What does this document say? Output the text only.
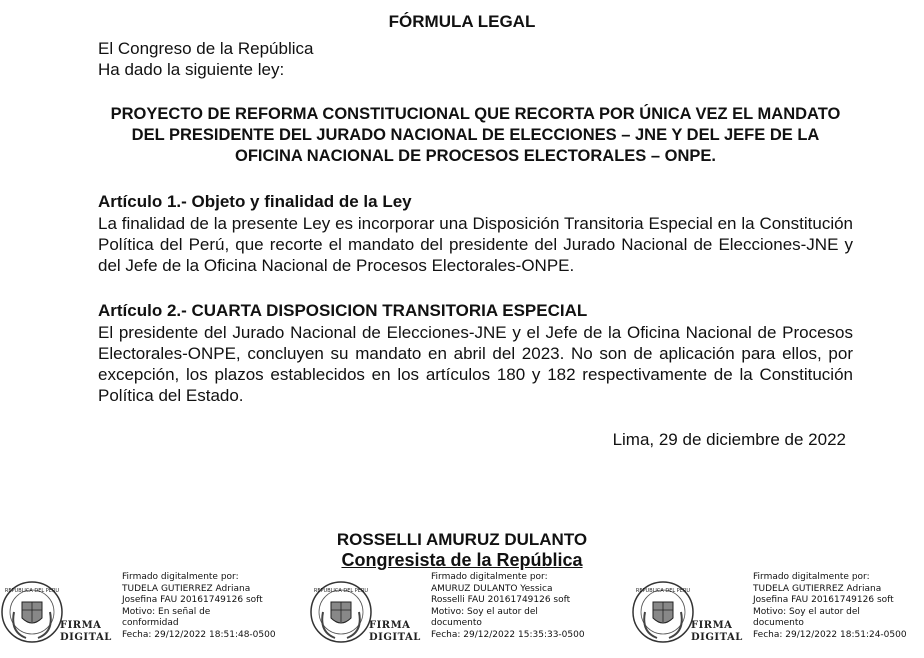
FÓRMULA LEGAL
El Congreso de la República
Ha dado la siguiente ley:
PROYECTO DE REFORMA CONSTITUCIONAL QUE RECORTA POR ÚNICA VEZ EL MANDATO DEL PRESIDENTE DEL JURADO NACIONAL DE ELECCIONES – JNE Y DEL JEFE DE LA OFICINA NACIONAL DE PROCESOS ELECTORALES – ONPE.
Artículo 1.- Objeto y finalidad de la Ley
La finalidad de la presente Ley es incorporar una Disposición Transitoria Especial en la Constitución Política del Perú, que recorte el mandato del presidente del Jurado Nacional de Elecciones-JNE y del Jefe de la Oficina Nacional de Procesos Electorales-ONPE.
Artículo 2.- CUARTA DISPOSICION TRANSITORIA ESPECIAL
El presidente del Jurado Nacional de Elecciones-JNE y el Jefe de la Oficina Nacional de Procesos Electorales-ONPE, concluyen su mandato en abril del 2023. No son de aplicación para ellos, por excepción, los plazos establecidos en los artículos 180 y 182 respectivamente de la Constitución Política del Estado.
Lima, 29 de diciembre de 2022
ROSSELLI AMURUZ DULANTO
Congresista de la República
REPUBLICA DEL PERU
FIRMA
DIGITAL
Firmado digitalmente por:
TUDELA GUTIERREZ Adriana
Josefina FAU 20161749126 soft
Motivo: En señal de
conformidad
Fecha: 29/12/2022 18:51:48-0500
REPUBLICA DEL PERU
FIRMA
DIGITAL
Firmado digitalmente por:
AMURUZ DULANTO Yessica
Rosselli FAU 20161749126 soft
Motivo: Soy el autor del
documento
Fecha: 29/12/2022 15:35:33-0500
REPUBLICA DEL PERU
FIRMA
DIGITAL
Firmado digitalmente por:
TUDELA GUTIERREZ Adriana
Josefina FAU 20161749126 soft
Motivo: Soy el autor del
documento
Fecha: 29/12/2022 18:51:24-0500
